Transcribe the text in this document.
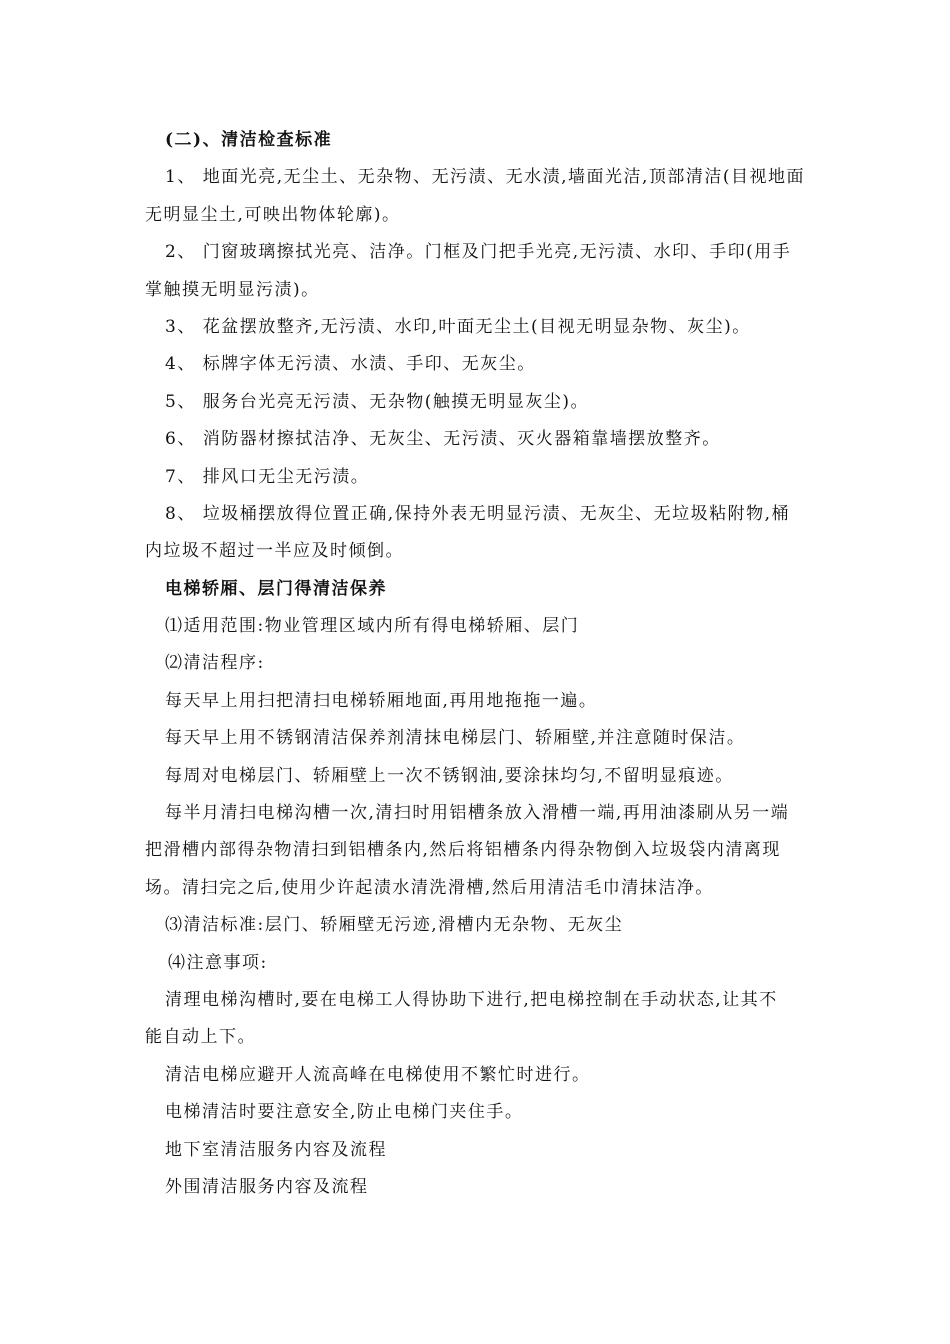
(二)、清洁检查标准
1、 地面光亮,无尘土、无杂物、无污渍、无水渍,墙面光洁,顶部清洁(目视地面
无明显尘土,可映出物体轮廓)。
2、 门窗玻璃擦拭光亮、洁净。门框及门把手光亮,无污渍、水印、手印(用手
掌触摸无明显污渍)。
3、 花盆摆放整齐,无污渍、水印,叶面无尘土(目视无明显杂物、灰尘)。
4、 标牌字体无污渍、水渍、手印、无灰尘。
5、 服务台光亮无污渍、无杂物(触摸无明显灰尘)。
6、 消防器材擦拭洁净、无灰尘、无污渍、灭火器箱靠墙摆放整齐。
7、 排风口无尘无污渍。
8、 垃圾桶摆放得位置正确,保持外表无明显污渍、无灰尘、无垃圾粘附物,桶
内垃圾不超过一半应及时倾倒。
电梯轿厢、层门得清洁保养
⑴适用范围:物业管理区域内所有得电梯轿厢、层门
⑵清洁程序:
每天早上用扫把清扫电梯轿厢地面,再用地拖拖一遍。
每天早上用不锈钢清洁保养剂清抹电梯层门、轿厢壁,并注意随时保洁。
每周对电梯层门、轿厢壁上一次不锈钢油,要涂抹均匀,不留明显痕迹。
每半月清扫电梯沟槽一次,清扫时用铝槽条放入滑槽一端,再用油漆刷从另一端
把滑槽内部得杂物清扫到铝槽条内,然后将铝槽条内得杂物倒入垃圾袋内清离现
场。清扫完之后,使用少许起渍水清洗滑槽,然后用清洁毛巾清抹洁净。
⑶清洁标准:层门、轿厢壁无污迹,滑槽内无杂物、无灰尘
⑷注意事项:
清理电梯沟槽时,要在电梯工人得协助下进行,把电梯控制在手动状态,让其不
能自动上下。
清洁电梯应避开人流高峰在电梯使用不繁忙时进行。
电梯清洁时要注意安全,防止电梯门夹住手。
地下室清洁服务内容及流程
外围清洁服务内容及流程
